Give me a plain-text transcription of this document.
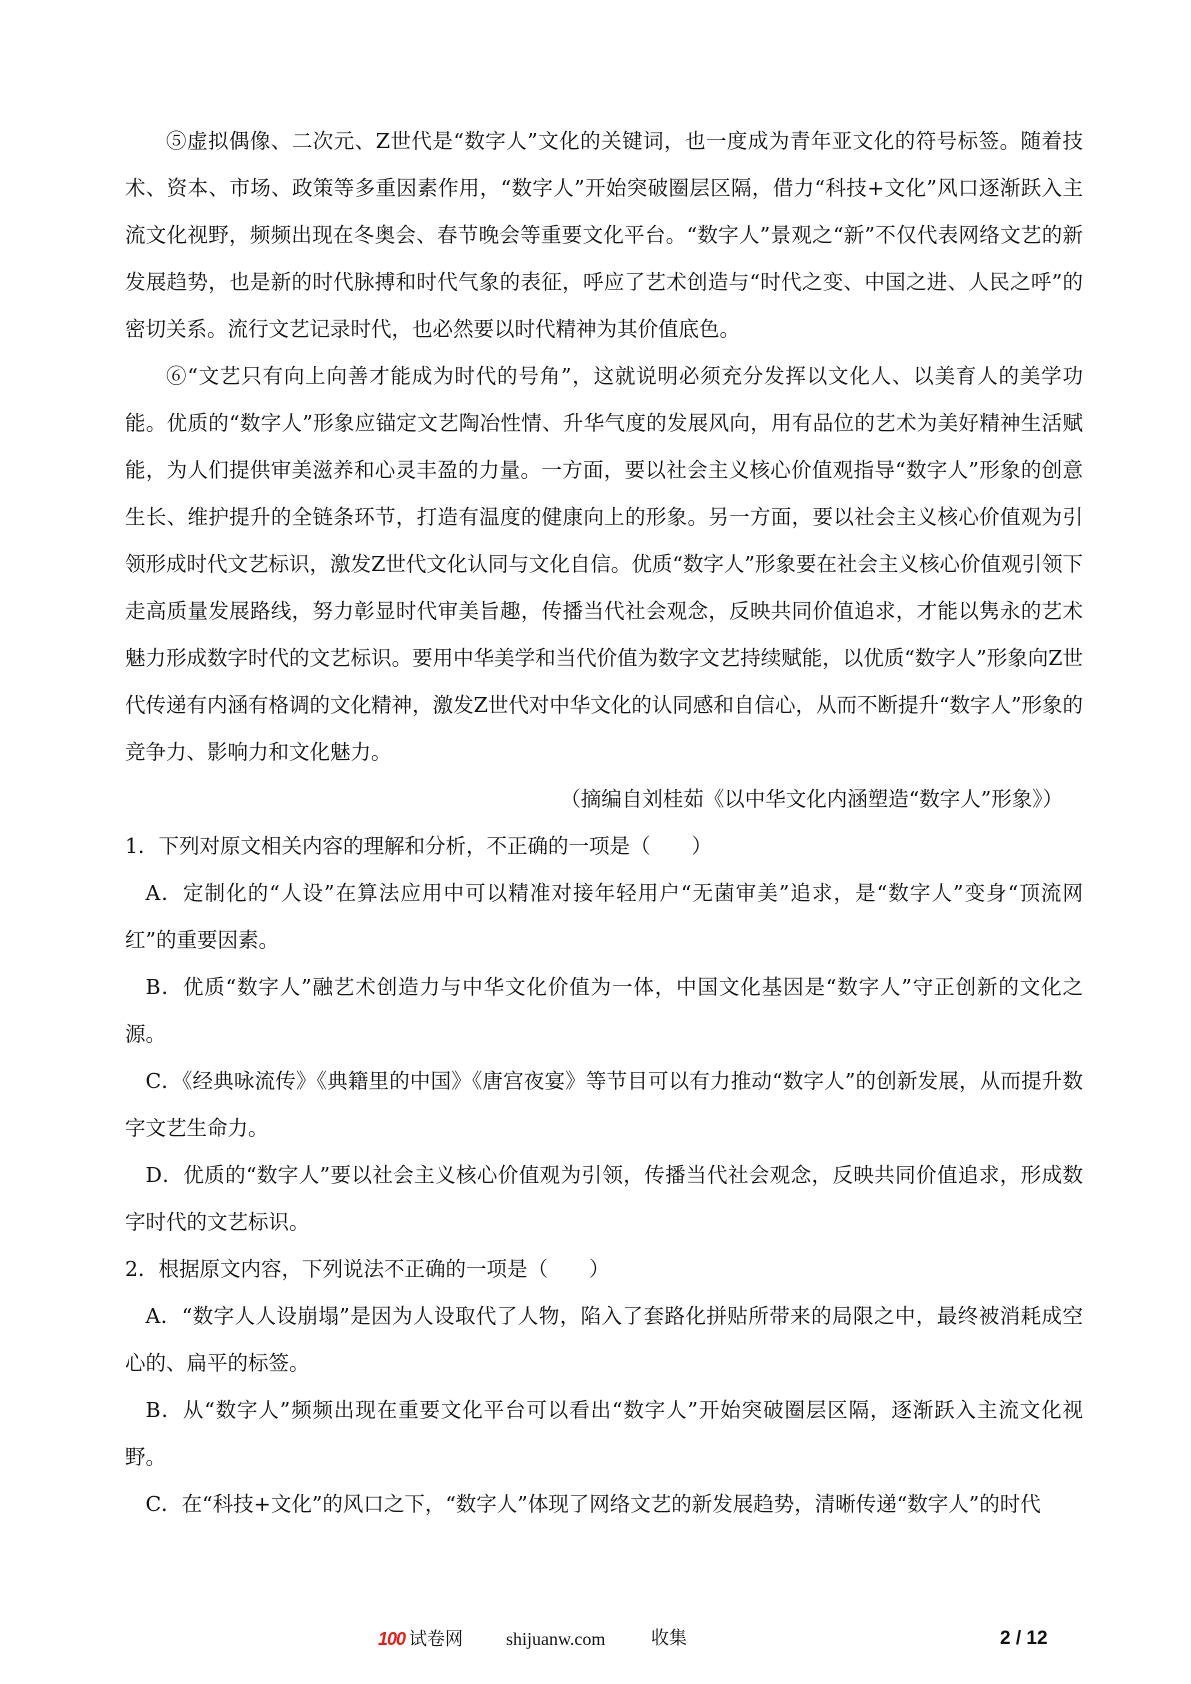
⑤虚拟偶像、二次元、Z世代是“数字人”文化的关键词，也一度成为青年亚文化的符号标签。随着技术、资本、市场、政策等多重因素作用，“数字人”开始突破圈层区隔，借力“科技+文化”风口逐渐跃入主流文化视野，频频出现在冬奥会、春节晚会等重要文化平台。“数字人”景观之“新”不仅代表网络文艺的新发展趋势，也是新的时代脉搏和时代气象的表征，呼应了艺术创造与“时代之变、中国之进、人民之呼”的密切关系。流行文艺记录时代，也必然要以时代精神为其价值底色。

⑥“文艺只有向上向善才能成为时代的号角”，这就说明必须充分发挥以文化人、以美育人的美学功能。优质的“数字人”形象应锚定文艺陶冶性情、升华气度的发展风向，用有品位的艺术为美好精神生活赋能，为人们提供审美滋养和心灵丰盈的力量。一方面，要以社会主义核心价值观指导“数字人”形象的创意生长、维护提升的全链条环节，打造有温度的健康向上的形象。另一方面，要以社会主义核心价值观为引领形成时代文艺标识，激发Z世代文化认同与文化自信。优质“数字人”形象要在社会主义核心价值观引领下走高质量发展路线，努力彰显时代审美旨趣，传播当代社会观念，反映共同价值追求，才能以隽永的艺术魅力形成数字时代的文艺标识。要用中华美学和当代价值为数字文艺持续赋能，以优质“数字人”形象向Z世代传递有内涵有格调的文化精神，激发Z世代对中华文化的认同感和自信心，从而不断提升“数字人”形象的竞争力、影响力和文化魅力。

（摘编自刘桂茹《以中华文化内涵塑造“数字人”形象》）

1．下列对原文相关内容的理解和分析，不正确的一项是（　　）

A．定制化的“人设”在算法应用中可以精准对接年轻用户“无菌审美”追求，是“数字人”变身“顶流网红”的重要因素。

B．优质“数字人”融艺术创造力与中华文化价值为一体，中国文化基因是“数字人”守正创新的文化之源。

C．《经典咏流传》《典籍里的中国》《唐宫夜宴》等节目可以有力推动“数字人”的创新发展，从而提升数字文艺生命力。

D．优质的“数字人”要以社会主义核心价值观为引领，传播当代社会观念，反映共同价值追求，形成数字时代的文艺标识。

2．根据原文内容，下列说法不正确的一项是（　　）

A．“数字人人设崩塌”是因为人设取代了人物，陷入了套路化拼贴所带来的局限之中，最终被消耗成空心的、扁平的标签。

B．从“数字人”频频出现在重要文化平台可以看出“数字人”开始突破圈层区隔，逐渐跃入主流文化视野。

C．在“科技+文化”的风口之下，“数字人”体现了网络文艺的新发展趋势，清晰传递“数字人”的时代

100 试卷网 shijuanw.com	收集	2 / 12
